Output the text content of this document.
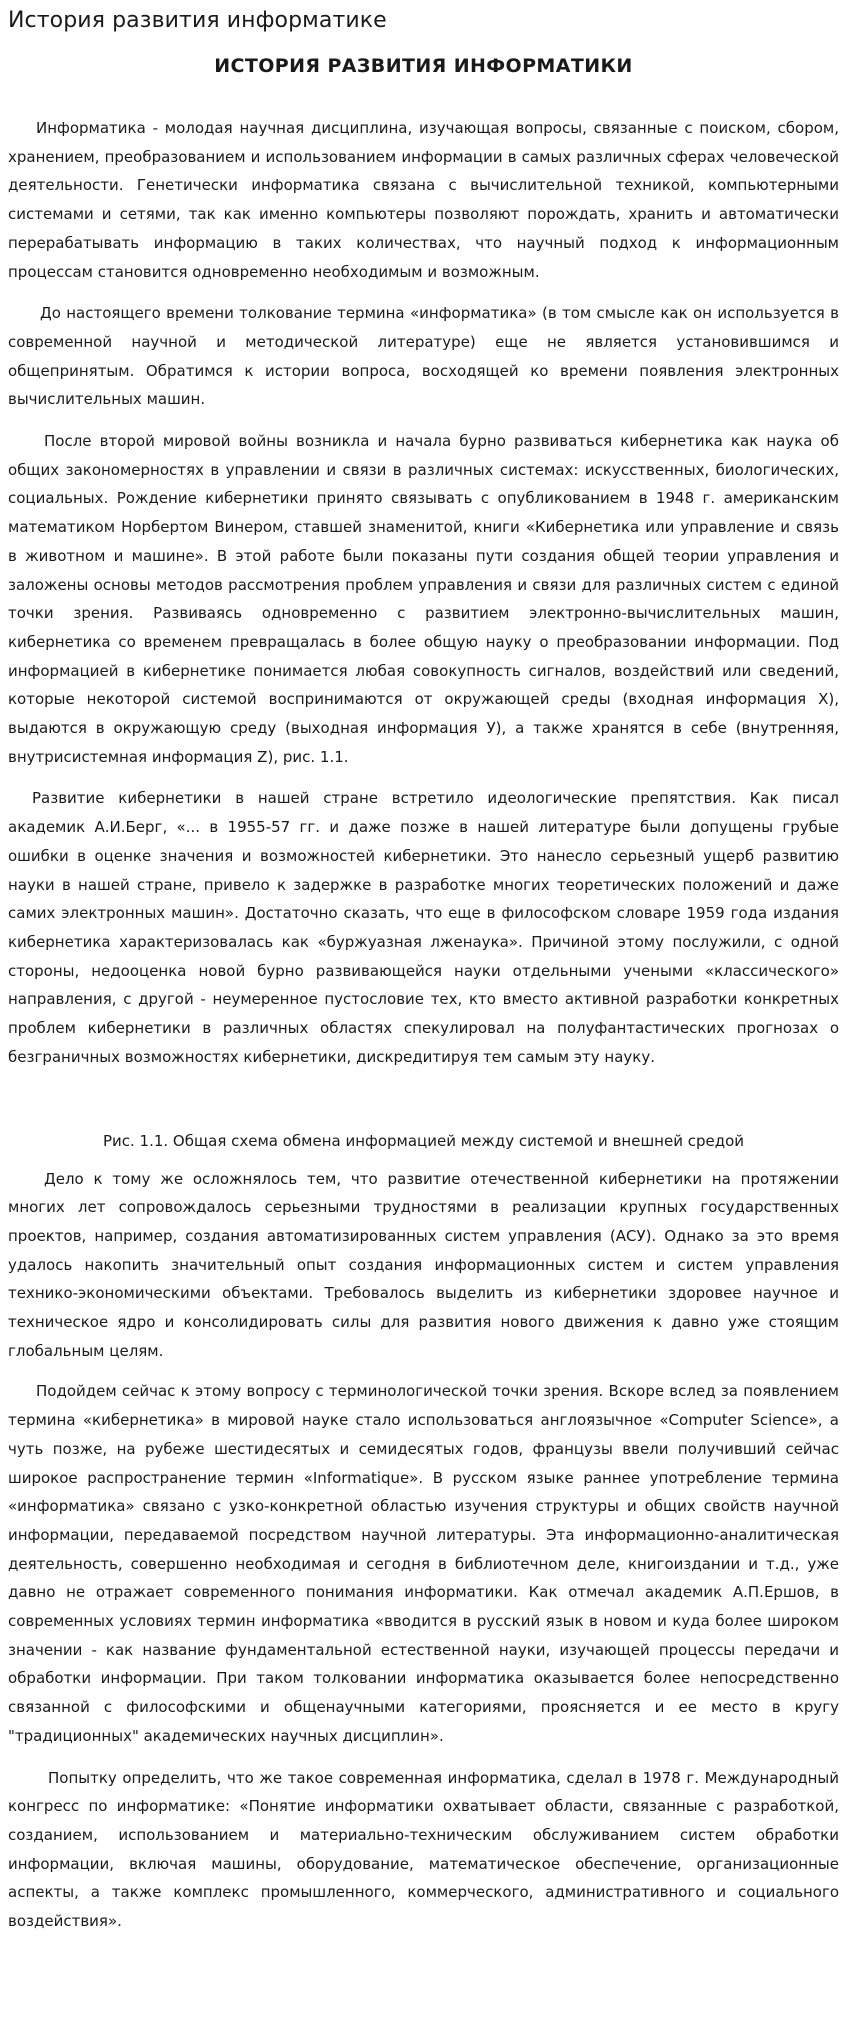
История развития информатике
ИСТОРИЯ РАЗВИТИЯ ИНФОРМАТИКИ

Информатика - молодая научная дисциплина, изучающая вопросы, связанные с поиском, сбором, хранением, преобразованием и использованием информации в самых различных сферах человеческой деятельности. Генетически информатика связана с вычислительной техникой, компьютерными системами и сетями, так как именно компьютеры позволяют порождать, хранить и автоматически перерабатывать информацию в таких количествах, что научный подход к информационным процессам становится одновременно необходимым и возможным.

До настоящего времени толкование термина «информатика» (в том смысле как он используется в современной научной и методической литературе) еще не является установившимся и общепринятым. Обратимся к истории вопроса, восходящей ко времени появления электронных вычислительных машин.

После второй мировой войны возникла и начала бурно развиваться кибернетика как наука об общих закономерностях в управлении и связи в различных системах: искусственных, биологических, социальных. Рождение кибернетики принято связывать с опубликованием в 1948 г. американским математиком Норбертом Винером, ставшей знаменитой, книги «Кибернетика или управление и связь в животном и машине». В этой работе были показаны пути создания общей теории управления и заложены основы методов рассмотрения проблем управления и связи для различных систем с единой точки зрения. Развиваясь одновременно с развитием электронно-вычислительных машин, кибернетика со временем превращалась в более общую науку о преобразовании информации. Под информацией в кибернетике понимается любая совокупность сигналов, воздействий или сведений, которые некоторой системой воспринимаются от окружающей среды (входная информация X), выдаются в окружающую среду (выходная информация У), а также хранятся в себе (внутренняя, внутрисистемная информация Z), рис. 1.1.

Развитие кибернетики в нашей стране встретило идеологические препятствия. Как писал академик А.И.Берг, «... в 1955-57 гг. и даже позже в нашей литературе были допущены грубые ошибки в оценке значения и возможностей кибернетики. Это нанесло серьезный ущерб развитию науки в нашей стране, привело к задержке в разработке многих теоретических положений и даже самих электронных машин». Достаточно сказать, что еще в философском словаре 1959 года издания кибернетика характеризовалась как «буржуазная лженаука». Причиной этому послужили, с одной стороны, недооценка новой бурно развивающейся науки отдельными учеными «классического» направления, с другой - неумеренное пустословие тех, кто вместо активной разработки конкретных проблем кибернетики в различных областях спекулировал на полуфантастических прогнозах о безграничных возможностях кибернетики, дискредитируя тем самым эту науку.

Рис. 1.1. Общая схема обмена информацией между системой и внешней средой

Дело к тому же осложнялось тем, что развитие отечественной кибернетики на протяжении многих лет сопровождалось серьезными трудностями в реализации крупных государственных проектов, например, создания автоматизированных систем управления (АСУ). Однако за это время удалось накопить значительный опыт создания информационных систем и систем управления технико-экономическими объектами. Требовалось выделить из кибернетики здоровее научное и техническое ядро и консолидировать силы для развития нового движения к давно уже стоящим глобальным целям.

Подойдем сейчас к этому вопросу с терминологической точки зрения. Вскоре вслед за появлением термина «кибернетика» в мировой науке стало использоваться англоязычное «Computer Science», а чуть позже, на рубеже шестидесятых и семидесятых годов, французы ввели получивший сейчас широкое распространение термин «Informatique». В русском языке раннее употребление термина «информатика» связано с узко-конкретной областью изучения структуры и общих свойств научной информации, передаваемой посредством научной литературы. Эта информационно-аналитическая деятельность, совершенно необходимая и сегодня в библиотечном деле, книгоиздании и т.д., уже давно не отражает современного понимания информатики. Как отмечал академик А.П.Ершов, в современных условиях термин информатика «вводится в русский язык в новом и куда более широком значении - как название фундаментальной естественной науки, изучающей процессы передачи и обработки информации. При таком толковании информатика оказывается более непосредственно связанной с философскими и общенаучными категориями, проясняется и ее место в кругу "традиционных" академических научных дисциплин».

Попытку определить, что же такое современная информатика, сделал в 1978 г. Международный конгресс по информатике: «Понятие информатики охватывает области, связанные с разработкой, созданием, использованием и материально-техническим обслуживанием систем обработки информации, включая машины, оборудование, математическое обеспечение, организационные аспекты, а также комплекс промышленного, коммерческого, административного и социального воздействия».
